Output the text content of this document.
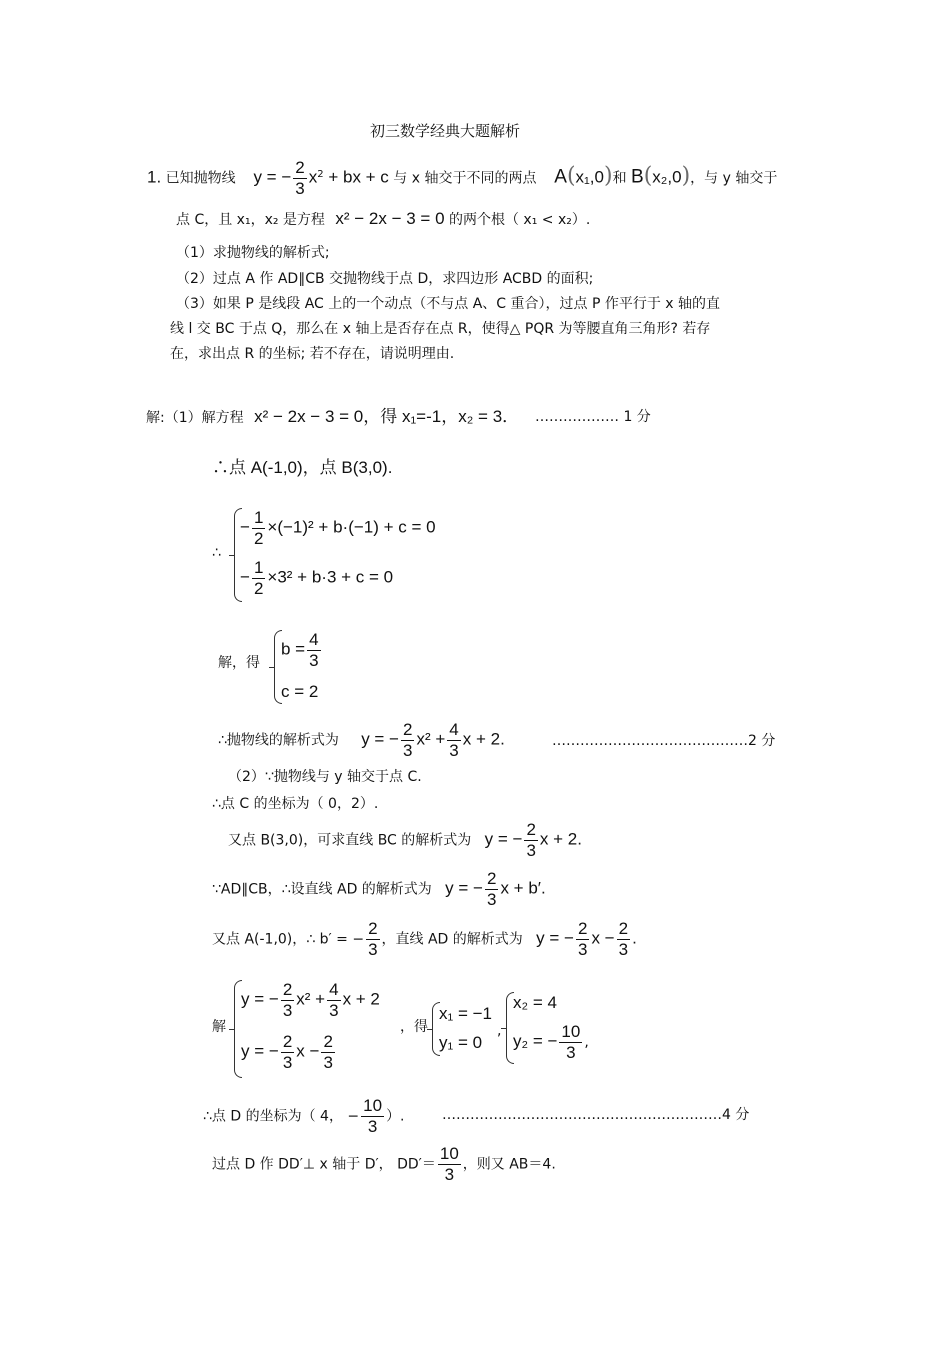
初三数学经典大题解析
1. 已知抛物线 y = − $\frac{2}{3} x^2$ + bx + c 与 x 轴交于不同的两点 A(x₁,0)和 B(x₂,0)，与 y 轴交于
点 C，且 x₁，x₂ 是方程 x² − 2x − 3 = 0 的两个根（ x₁ < x₂）.
（1）求抛物线的解析式;
（2）过点 A 作 AD∥CB 交抛物线于点 D，求四边形 ACBD 的面积;
（3）如果 P 是线段 AC 上的一个动点（不与点 A、C 重合），过点 P 作平行于 x 轴的直
线 l 交 BC 于点 Q，那么在 x 轴上是否存在点 R，使得△ PQR 为等腰直角三角形? 若存
在，求出点 R 的坐标; 若不存在，请说明理由.
解:（1）解方程 x² − 2x − 3 = 0，得 x₁=-1，x₂ = 3． ……………… 1 分
∴点 A(-1,0)，点 B(3,0).
∴
− $\frac{1}{2} \times(-1)^2 + b\cdot(-1) + c = 0$
− $\frac{1}{2} \times 3^2 + b\cdot 3 + c = 0$
解，得
$b = \frac{4}{3}$
c = 2
∴抛物线的解析式为 y = − $\frac{2}{3} x^2 + \frac{4}{3}$ x + 2.	……………………………………2 分
（2）∵抛物线与 y 轴交于点 C.
∴点 C 的坐标为（ 0，2）.
又点 B(3,0)，可求直线 BC 的解析式为 y = − $\frac{2}{3}$ x + 2.
∵AD∥CB，∴设直线 AD 的解析式为 y = − $\frac{2}{3}$ x + b′.
又点 A(-1,0)，∴ b′ = − $\frac{2}{3}$ ，直线 AD 的解析式为 y = − $\frac{2}{3}$ $x - \frac{2}{3}$ .
解
y = − $\frac{2}{3} x^2 + \frac{4}{3}$ x + 2
y = − $\frac{2}{3}$ $x - \frac{2}{3}$
，得
x₁ = −1
y₁ = 0
,
x₂ = 4
y₂ = − $\frac{10}{3}$ ,
∴点 D 的坐标为（ 4， − $\frac{10}{3}$ ）.	……………………………………………………4 分
过点 D 作 DD′⊥ x 轴于 D′， $DD'= \frac{10}{3}$ ，则又 AB＝4.
